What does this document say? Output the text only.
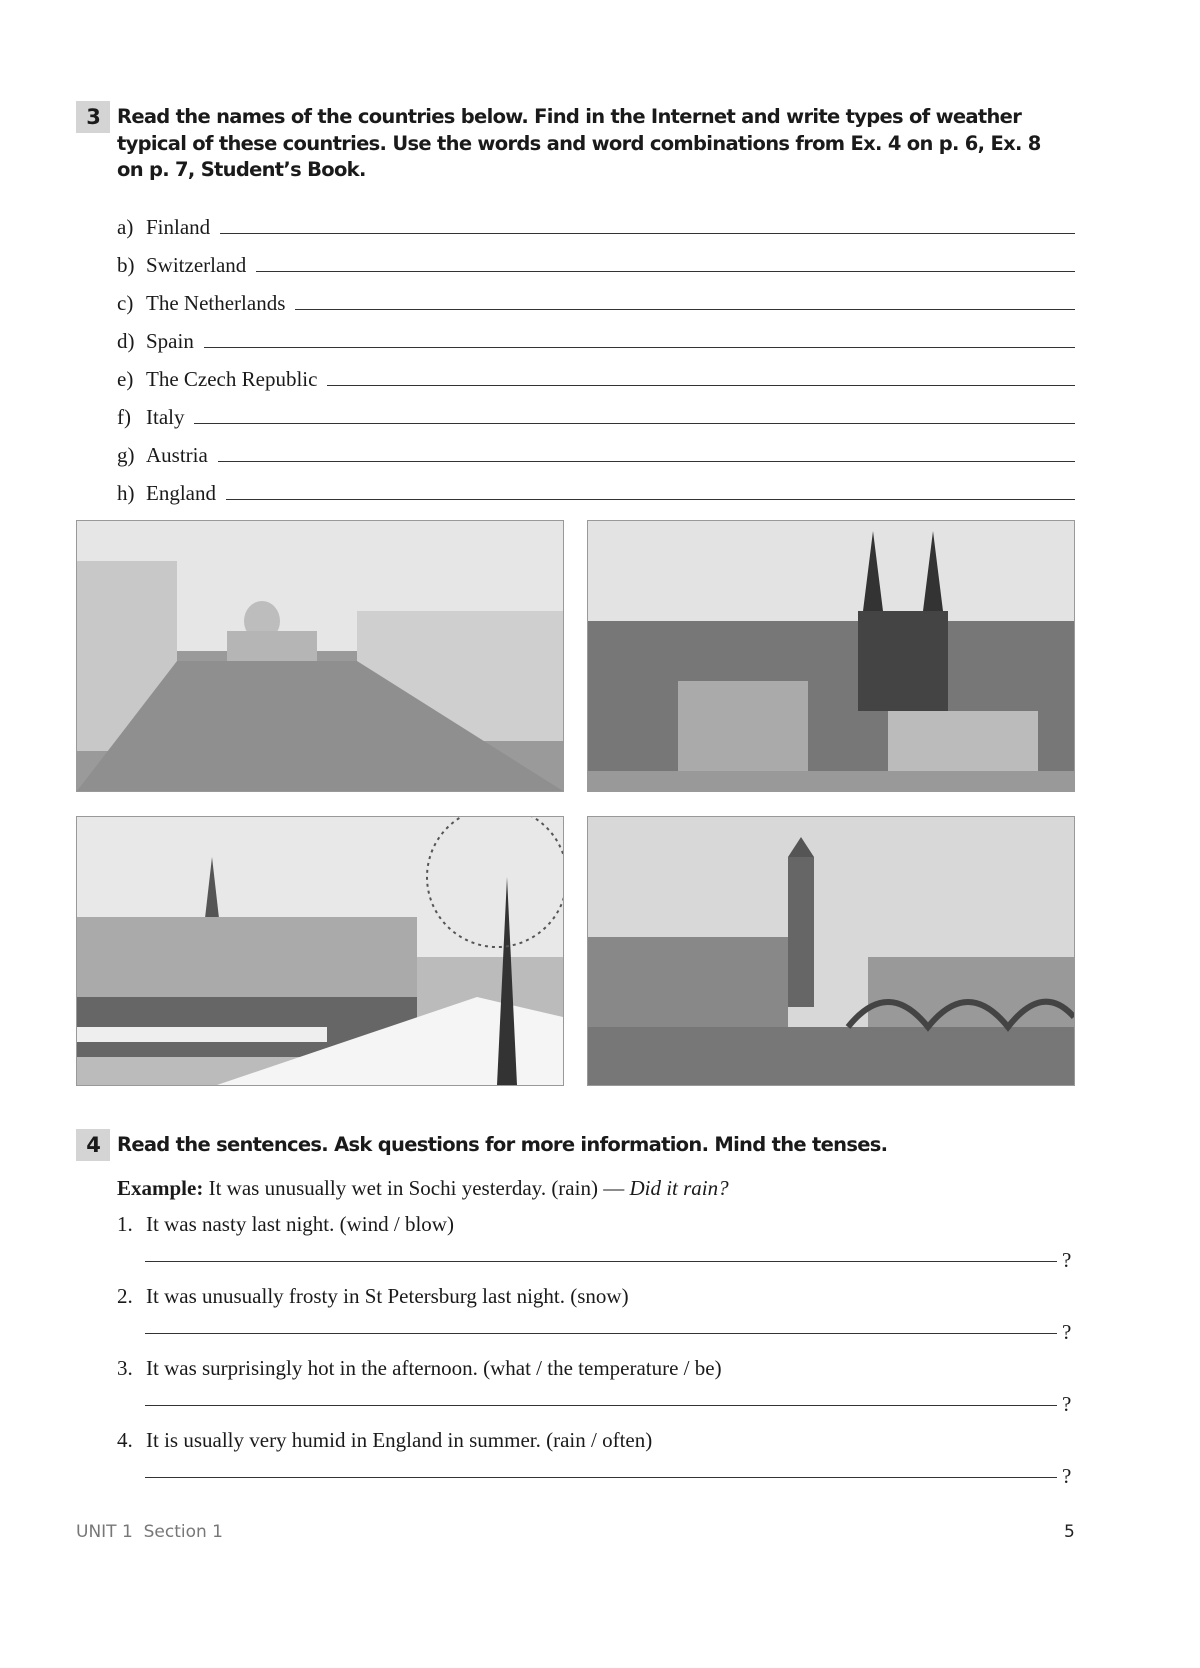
3 Read the names of the countries below. Find in the Internet and write types of weather typical of these countries. Use the words and word combinations from Ex. 4 on p. 6, Ex. 8 on p. 7, Student’s Book.
a) Finland
b) Switzerland
c) The Netherlands
d) Spain
e) The Czech Republic
f) Italy
g) Austria
h) England
4 Read the sentences. Ask questions for more information. Mind the tenses.
Example: It was unusually wet in Sochi yesterday. (rain) — Did it rain?
1. It was nasty last night. (wind / blow)
?
2. It was unusually frosty in St Petersburg last night. (snow)
?
3. It was surprisingly hot in the afternoon. (what / the temperature / be)
?
4. It is usually very humid in England in summer. (rain / often)
?
UNIT 1 Section 1	5
